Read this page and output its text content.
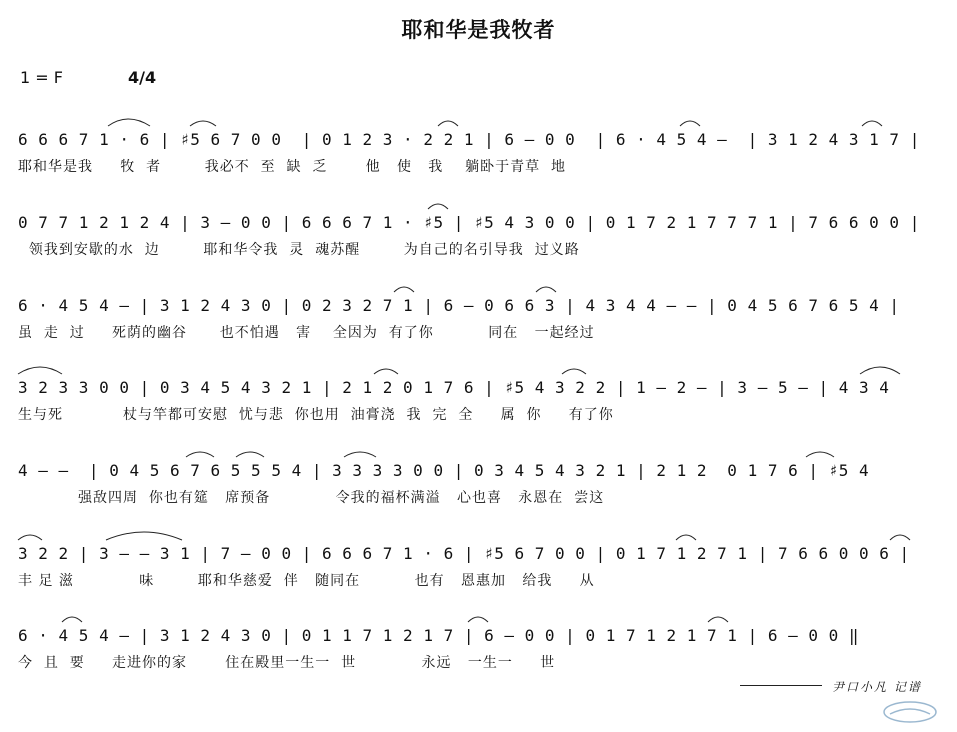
耶和华是我牧者
1 = F	4/4
6 6 6 7 1 · 6 | ♯5 6 7 0 0  | 0 1 2 3 · 2 2 1 | 6 – 0 0  | 6 · 4 5 4 –  | 3 1 2 4 3 1 7 |
耶和华是我     牧  者        我必不  至  缺  乏       他   使   我    躺卧于青草  地
0 7 7 1 2 1 2 4 | 3 – 0 0 | 6 6 6 7 1 · ♯5 | ♯5 4 3 0 0 | 0 1 7 2 1 7 7 7 1 | 7 6 6 0 0 |
领我到安歇的水  边        耶和华令我  灵  魂苏醒        为自己的名引导我  过义路
6 · 4 5 4 – | 3 1 2 4 3 0 | 0 2 3 2 7 1 | 6 – 0 6 6 3 | 4 3 4 4 – – | 0 4 5 6 7 6 5 4 |
虽  走  过     死荫的幽谷      也不怕遇   害    全因为  有了你          同在   一起经过
3 2 3 3 0 0 | 0 3 4 5 4 3 2 1 | 2 1 2 0 1 7 6 | ♯5 4 3 2 2 | 1 – 2 – | 3 – 5 – | 4 3 4
生与死           杖与竿都可安慰  忧与悲  你也用  油膏浇  我  完  全     属  你     有了你
4 – –  | 0 4 5 6 7 6 5 5 5 4 | 3 3 3 3 0 0 | 0 3 4 5 4 3 2 1 | 2 1 2  0 1 7 6 | ♯5 4
强敌四周  你也有筵   席预备            令我的福杯满溢   心也喜   永恩在  尝这
3 2 2 | 3 – – 3 1 | 7 – 0 0 | 6 6 6 7 1 · 6 | ♯5 6 7 0 0 | 0 1 7 1 2 7 1 | 7 6 6 0 0 6 |
丰 足 滋            味        耶和华慈爱  伴   随同在          也有   恩惠加   给我     从
6 · 4 5 4 – | 3 1 2 4 3 0 | 0 1 1 7 1 2 1 7 | 6 – 0 0 | 0 1 7 1 2 1 7 1 | 6 – 0 0 ‖
今  且  要     走进你的家       住在殿里一生一  世            永远   一生一     世
尹口小凡 记谱
